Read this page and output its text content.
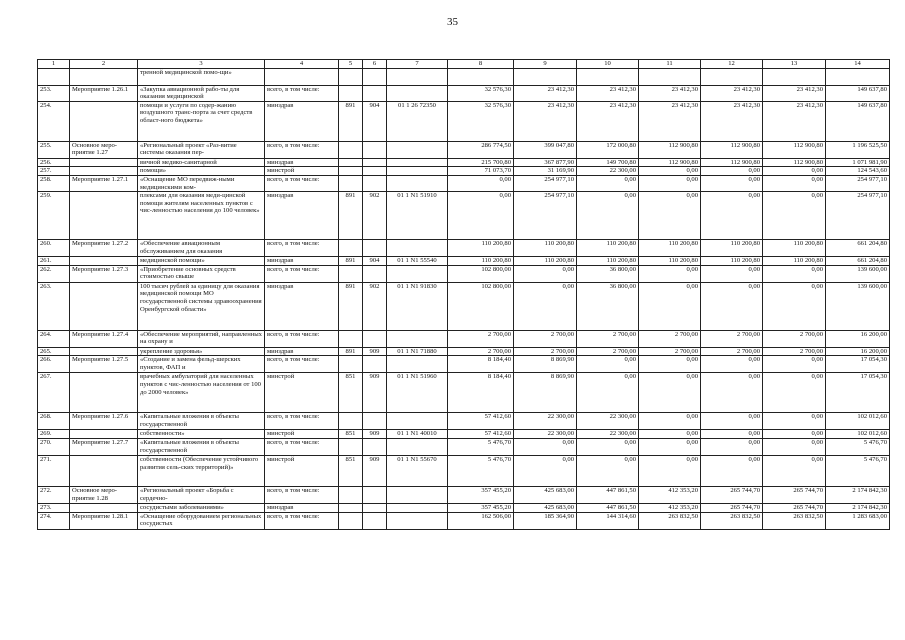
35
1	2	3	4	5	6	7	8	9	10	11	12	13	14
		тренной медицинской помо-щи»											
253.	Мероприятие 1.26.1	«Закупка авиационной рабо-ты для оказания медицинской	всего, в том числе:				32 576,30	23 412,30	23 412,30	23 412,30	23 412,30	23 412,30	149 637,80
254.		помощи и услуги по содер-жанию воздушного транс-порта за счет средств област-ного бюджета»	минздрав	891	904	01 1 26 72350	32 576,30	23 412,30	23 412,30	23 412,30	23 412,30	23 412,30	149 637,80
255.	Основное меро-приятие 1.27	«Региональный проект «Раз-витие системы оказания пер-	всего, в том числе:				286 774,50	399 047,80	172 000,80	112 900,80	112 900,80	112 900,80	1 196 525,50
256.		вичной медико-санитарной	минздрав				215 700,80	367 877,90	149 700,80	112 900,80	112 900,80	112 900,80	1 071 981,90
257.		помощи»	минстрой				71 073,70	31 169,90	22 300,00	0,00	0,00	0,00	124 543,60
258.	Мероприятие 1.27.1	«Оснащение МО передвиж-ными медицинскими ком-	всего, в том числе:				0,00	254 977,10	0,00	0,00	0,00	0,00	254 977,10
259.		плексами для оказания меди-цинской помощи жителям населенных пунктов с чис-ленностью населения до 100 человек»	минздрав	891	902	01 1 N1 51910	0,00	254 977,10	0,00	0,00	0,00	0,00	254 977,10
260.	Мероприятие 1.27.2	«Обеспечение авиационным обслуживанием для оказания	всего, в том числе:				110 200,80	110 200,80	110 200,80	110 200,80	110 200,80	110 200,80	661 204,80
261.		медицинской помощи»	минздрав	891	904	01 1 N1 55540	110 200,80	110 200,80	110 200,80	110 200,80	110 200,80	110 200,80	661 204,80
262.	Мероприятие 1.27.3	«Приобретение основных средств стоимостью свыше	всего, в том числе:				102 800,00	0,00	36 800,00	0,00	0,00	0,00	139 600,00
263.		100 тысяч рублей за единицу для оказания медицинской помощи МО государственной системы здравоохранения Оренбургской области»	минздрав	891	902	01 1 N1 91830	102 800,00	0,00	36 800,00	0,00	0,00	0,00	139 600,00
264.	Мероприятие 1.27.4	«Обеспечение мероприятий, направленных на охрану и	всего, в том числе:				2 700,00	2 700,00	2 700,00	2 700,00	2 700,00	2 700,00	16 200,00
265.		укрепление здоровья»	минздрав	891	909	01 1 N1 71880	2 700,00	2 700,00	2 700,00	2 700,00	2 700,00	2 700,00	16 200,00
266.	Мероприятие 1.27.5	«Создание и замена фельд-шерских пунктов, ФАП и	всего, в том числе:				8 184,40	8 869,90	0,00	0,00	0,00	0,00	17 054,30
267.		врачебных амбулаторий для населенных пунктов с чис-ленностью населения от 100 до 2000 человек»	минстрой	851	909	01 1 N1 51960	8 184,40	8 869,90	0,00	0,00	0,00	0,00	17 054,30
268.	Мероприятие 1.27.6	«Капитальные вложения в объекты государственной	всего, в том числе:				57 412,60	22 300,00	22 300,00	0,00	0,00	0,00	102 012,60
269.		собственности»	минстрой	851	909	01 1 N1 40010	57 412,60	22 300,00	22 300,00	0,00	0,00	0,00	102 012,60
270.	Мероприятие 1.27.7	«Капитальные вложения в объекты государственной	всего, в том числе:				5 476,70	0,00	0,00	0,00	0,00	0,00	5 476,70
271.		собственности (Обеспечение устойчивого развития сель-ских территорий)»	минстрой	851	909	01 1 N1 55670	5 476,70	0,00	0,00	0,00	0,00	0,00	5 476,70
272.	Основное меро-приятие 1.28	«Региональный проект «Борьба с сердечно-	всего, в том числе:				357 455,20	425 683,00	447 861,50	412 353,20	265 744,70	265 744,70	2 174 842,30
273.		сосудистыми заболеваниями»	минздрав				357 455,20	425 683,00	447 861,50	412 353,20	265 744,70	265 744,70	2 174 842,30
274.	Мероприятие 1.28.1	«Оснащение оборудованием региональных сосудистых	всего, в том числе:				162 506,00	185 364,90	144 314,60	263 832,50	263 832,50	263 832,50	1 283 683,00
